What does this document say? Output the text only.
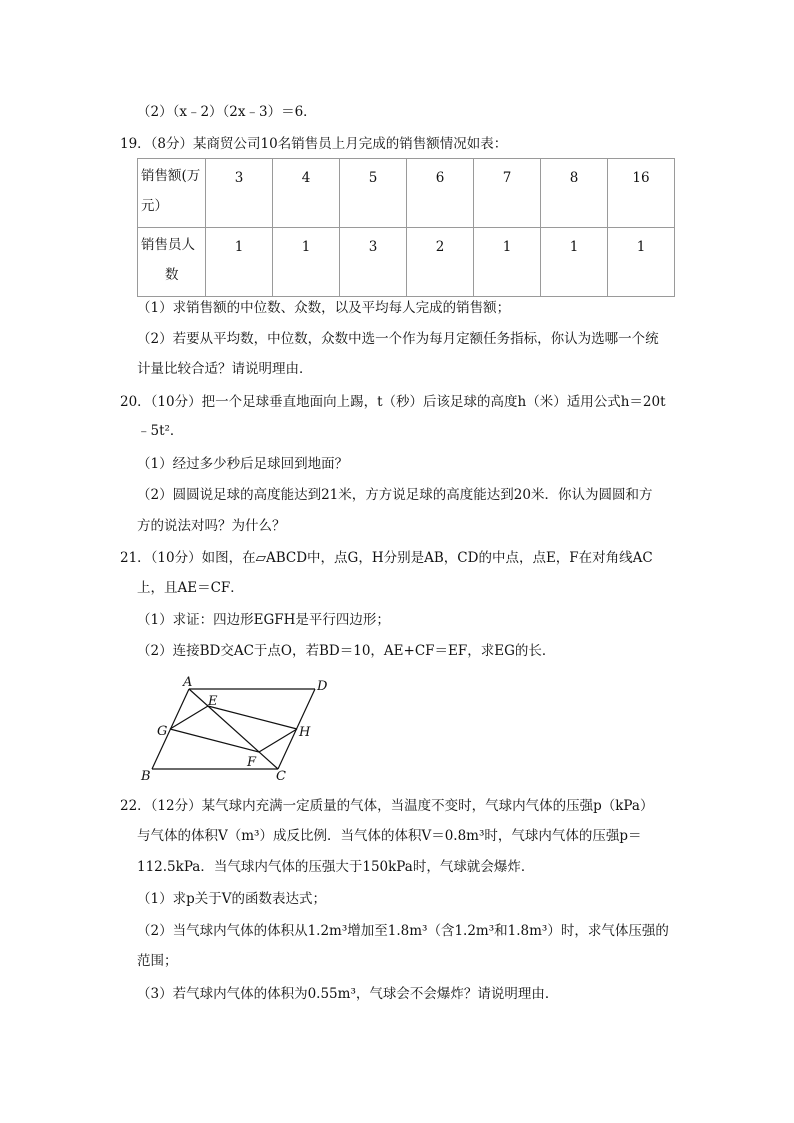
（2）（x﹣2）（2x﹣3）＝6．
19．（8分）某商贸公司10名销售员上月完成的销售额情况如表：
销售额(万
元）	3	4	5	6	7	8	16
销售员人
数	1	1	3	2	1	1	1
（1）求销售额的中位数、众数，以及平均每人完成的销售额；
（2）若要从平均数，中位数，众数中选一个作为每月定额任务指标，你认为选哪一个统
计量比较合适？请说明理由．
20．（10分）把一个足球垂直地面向上踢，t（秒）后该足球的高度h（米）适用公式h＝20t
﹣5t²．
（1）经过多少秒后足球回到地面？
（2）圆圆说足球的高度能达到21米，方方说足球的高度能达到20米．你认为圆圆和方
方的说法对吗？为什么？
21．（10分）如图，在▱ABCD中，点G，H分别是AB，CD的中点，点E，F在对角线AC
上，且AE＝CF．
（1）求证：四边形EGFH是平行四边形；
（2）连接BD交AC于点O，若BD＝10，AE+CF＝EF，求EG的长．
A	D
E
G	H
F
B	C
22．（12分）某气球内充满一定质量的气体，当温度不变时，气球内气体的压强p（kPa）
与气体的体积V（m³）成反比例．当气体的体积V＝0.8m³时，气球内气体的压强p＝
112.5kPa．当气球内气体的压强大于150kPa时，气球就会爆炸．
（1）求p关于V的函数表达式；
（2）当气球内气体的体积从1.2m³增加至1.8m³（含1.2m³和1.8m³）时，求气体压强的
范围；
（3）若气球内气体的体积为0.55m³，气球会不会爆炸？请说明理由．
